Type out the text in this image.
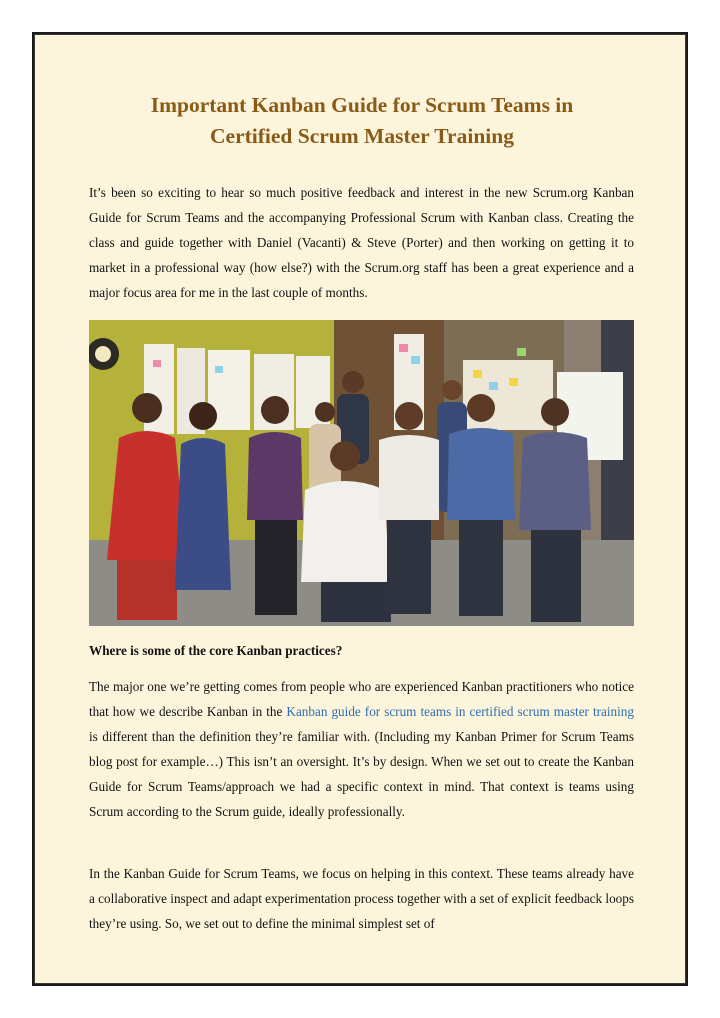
Important Kanban Guide for Scrum Teams in
Certified Scrum Master Training

It’s been so exciting to hear so much positive feedback and interest in the new Scrum.org Kanban Guide for Scrum Teams and the accompanying Professional Scrum with Kanban class. Creating the class and guide together with Daniel (Vacanti) & Steve (Porter) and then working on getting it to market in a professional way (how else?) with the Scrum.org staff has been a great experience and a major focus area for me in the last couple of months.

Where is some of the core Kanban practices?

The major one we’re getting comes from people who are experienced Kanban practitioners who notice that how we describe Kanban in the Kanban guide for scrum teams in certified scrum master training is different than the definition they’re familiar with. (Including my Kanban Primer for Scrum Teams blog post for example…) This isn’t an oversight. It’s by design. When we set out to create the Kanban Guide for Scrum Teams/approach we had a specific context in mind. That context is teams using Scrum according to the Scrum guide, ideally professionally.

In the Kanban Guide for Scrum Teams, we focus on helping in this context. These teams already have a collaborative inspect and adapt experimentation process together with a set of explicit feedback loops they’re using. So, we set out to define the minimal simplest set of
